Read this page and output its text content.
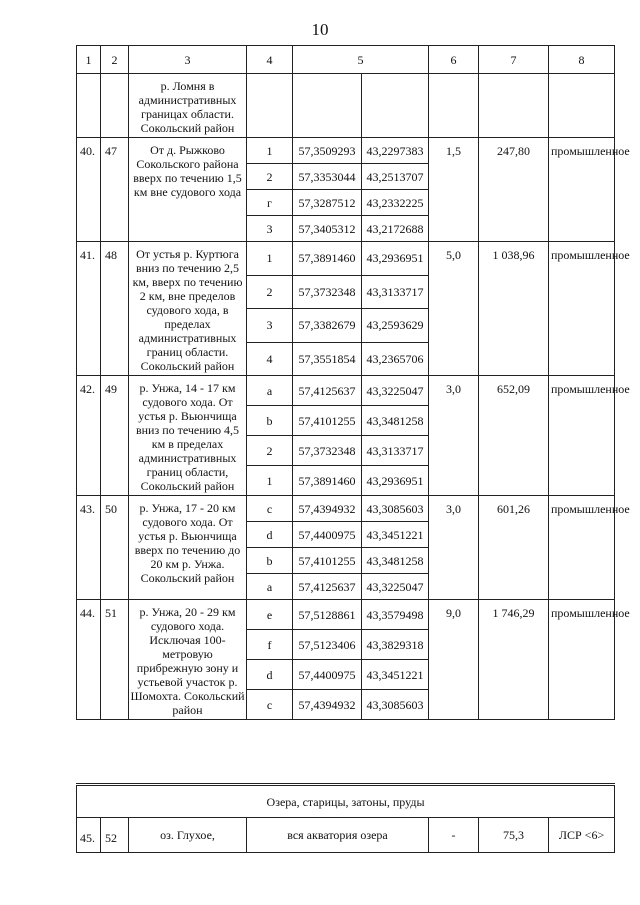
10
1	2	3	4	5		6	7	8
		р. Ломня в административных границах области. Сокольский район						
40.	47	От д. Рыжково Сокольского района вверх по течению 1,5 км вне судового хода	1	57,3509293	43,2297383	1,5	247,80	промышленное
			2	57,3353044	43,2513707			
			г	57,3287512	43,2332225			
			3	57,3405312	43,2172688			
41.	48	От устья р. Куртюга вниз по течению 2,5 км, вверх по течению 2 км, вне пределов судового хода, в пределах административных границ области. Сокольский район	1	57,3891460	43,2936951	5,0	1 038,96	промышленное
			2	57,3732348	43,3133717			
			3	57,3382679	43,2593629			
			4	57,3551854	43,2365706			
42.	49	р. Унжа, 14 - 17 км судового хода. От устья р. Вьюнчища вниз по течению 4,5 км в пределах административных границ области, Сокольский район	a	57,4125637	43,3225047	3,0	652,09	промышленное
			b	57,4101255	43,3481258			
			2	57,3732348	43,3133717			
			1	57,3891460	43,2936951			
43.	50	р. Унжа, 17 - 20 км судового хода. От устья р. Вьюнчища вверх по течению до 20 км р. Унжа. Сокольский район	c	57,4394932	43,3085603	3,0	601,26	промышленное
			d	57,4400975	43,3451221			
			b	57,4101255	43,3481258			
			a	57,4125637	43,3225047			
44.	51	р. Унжа, 20 - 29 км судового хода. Исключая 100-метровую прибрежную зону и устьевой участок р. Шомохта. Сокольский район	e	57,5128861	43,3579498	9,0	1 746,29	промышленное
			f	57,5123406	43,3829318			
			d	57,4400975	43,3451221			
			c	57,4394932	43,3085603			
Озера, старицы, затоны, пруды
45.	52	оз. Глухое,	вся акватория озера	-	75,3	ЛСР <6>
